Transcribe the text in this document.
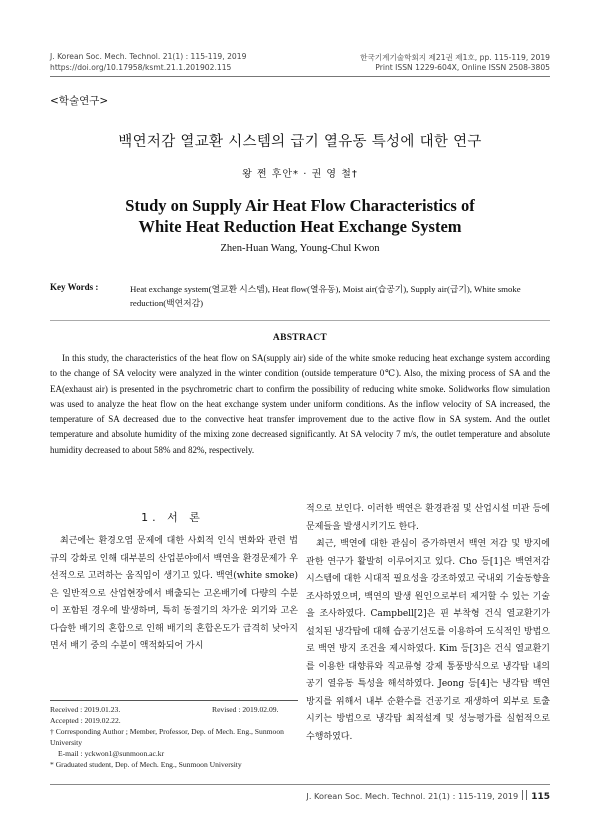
J. Korean Soc. Mech. Technol. 21(1) : 115-119, 2019
https://doi.org/10.17958/ksmt.21.1.201902.115
한국기계기술학회지 제21권 제1호, pp. 115-119, 2019
Print ISSN 1229-604X, Online ISSN 2508-3805
<학술연구>
백연저감 열교환 시스템의 급기 열유동 특성에 대한 연구
왕 쩐 후안* · 권 영 철†
Study on Supply Air Heat Flow Characteristics of
White Heat Reduction Heat Exchange System
Zhen-Huan Wang, Young-Chul Kwon
Key Words :	Heat exchange system(열교환 시스템), Heat flow(열유동), Moist air(습공기), Supply air(급기), White smoke reduction(백연저감)
ABSTRACT
In this study, the characteristics of the heat flow on SA(supply air) side of the white smoke reducing heat exchange system according to the change of SA velocity were analyzed in the winter condition (outside temperature 0℃). Also, the mixing process of SA and the EA(exhaust air) is presented in the psychrometric chart to confirm the possibility of reducing white smoke. Solidworks flow simulation was used to analyze the heat flow on the heat exchange system under uniform conditions. As the inflow velocity of SA increased, the temperature of SA decreased due to the convective heat transfer improvement due to the active flow in SA system. And the outlet temperature and absolute humidity of the mixing zone decreased significantly. At SA velocity 7 m/s, the outlet temperature and absolute humidity decreased to about 58% and 82%, respectively.
1. 서 론
최근에는 환경오염 문제에 대한 사회적 인식 변화와 관련 법규의 강화로 인해 대부분의 산업분야에서 백연을 환경문제가 우선적으로 고려하는 움직임이 생기고 있다. 백연(white smoke)은 일반적으로 산업현장에서 배출되는 고온배기에 다량의 수분이 포함된 경우에 발생하며, 특히 동절기의 차가운 외기와 고온다습한 배기의 혼합으로 인해 배기의 혼합온도가 급격히 낮아지면서 배기 중의 수분이 액적화되어 가시

적으로 보인다. 이러한 백연은 환경관점 및 산업시설 미관 등에 문제들을 발생시키기도 한다.

최근, 백연에 대한 관심이 증가하면서 백연 저감 및 방지에 관한 연구가 활발히 이루어지고 있다. Cho 등[1]은 백연저감 시스템에 대한 시대적 필요성을 강조하였고 국내외 기술동향을 조사하였으며, 백연의 발생 원인으로부터 제거할 수 있는 기술을 조사하였다. Campbell[2]은 핀 부착형 건식 열교환기가 설치된 냉각탑에 대해 습공기선도를 이용하여 도식적인 방법으로 백연 방지 조건을 제시하였다. Kim 등[3]은 건식 열교환기를 이용한 대향류와 직교류형 강제 통풍방식으로 냉각탑 내의 공기 열유동 특성을 해석하였다. Jeong 등[4]는 냉각탑 백연방지를 위해서 내부 순환수를 건공기로 재생하여 외부로 토출시키는 방법으로 냉각탑 최적설계 및 성능평가를 실험적으로 수행하였다.

Received : 2019.01.23.	Revised : 2019.02.09.
Accepted : 2019.02.22.
† Corresponding Author ; Member, Professor, Dep. of Mech. Eng., Sunmoon University
E-mail : yckwon1@sunmoon.ac.kr
* Graduated student, Dep. of Mech. Eng., Sunmoon University
J. Korean Soc. Mech. Technol. 21(1) : 115-119, 2019 115
